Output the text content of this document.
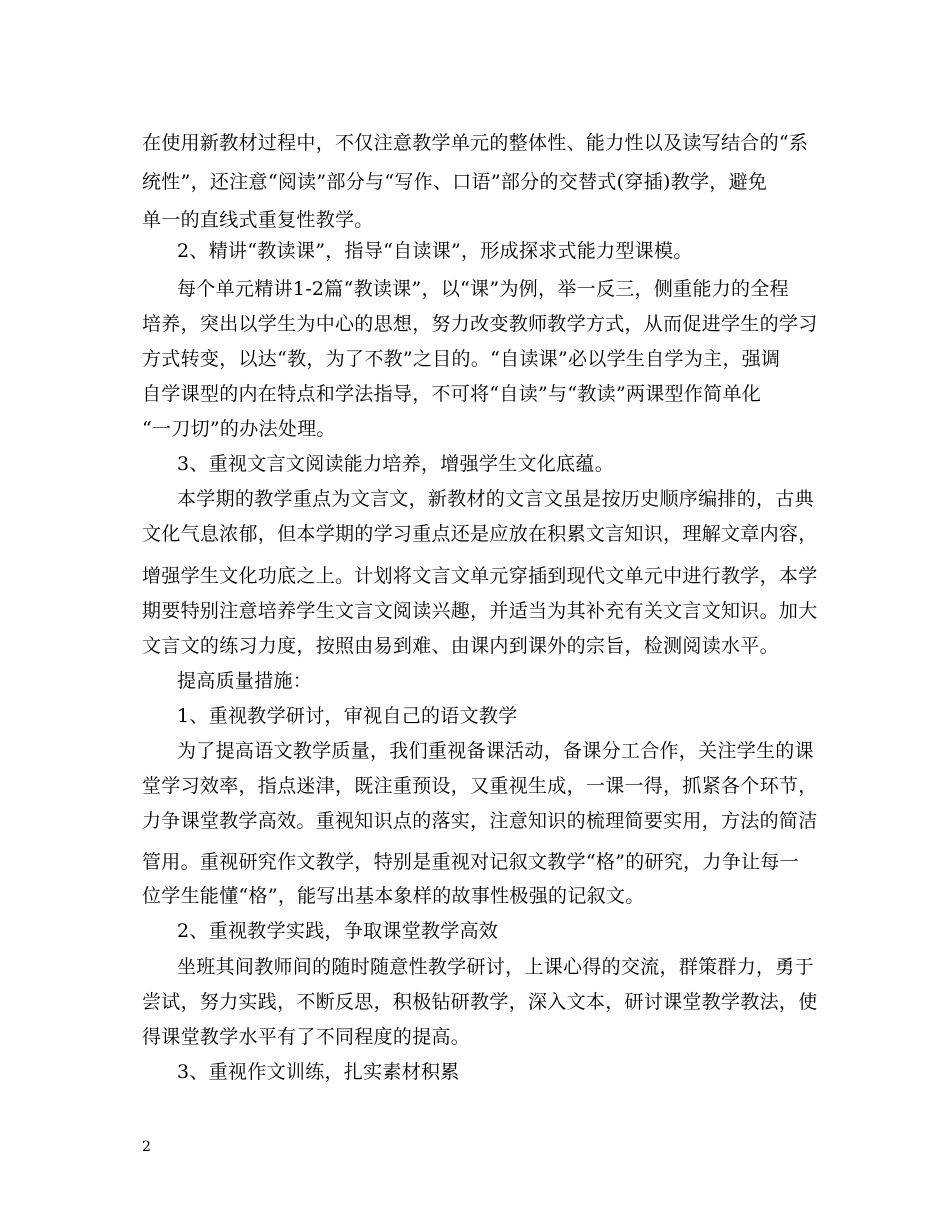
在使用新教材过程中，不仅注意教学单元的整体性、能力性以及读写结合的“系
统性”，还注意“阅读”部分与“写作、口语”部分的交替式(穿插)教学，避免
单一的直线式重复性教学。
2、精讲“教读课”，指导“自读课”，形成探求式能力型课模。
每个单元精讲1-2篇“教读课”，以“课”为例，举一反三，侧重能力的全程
培养，突出以学生为中心的思想，努力改变教师教学方式，从而促进学生的学习
方式转变，以达“教，为了不教”之目的。“自读课”必以学生自学为主，强调
自学课型的内在特点和学法指导，不可将“自读”与“教读”两课型作简单化
“一刀切”的办法处理。
3、重视文言文阅读能力培养，增强学生文化底蕴。
本学期的教学重点为文言文，新教材的文言文虽是按历史顺序编排的，古典
文化气息浓郁，但本学期的学习重点还是应放在积累文言知识，理解文章内容，
增强学生文化功底之上。计划将文言文单元穿插到现代文单元中进行教学，本学
期要特别注意培养学生文言文阅读兴趣，并适当为其补充有关文言文知识。加大
文言文的练习力度，按照由易到难、由课内到课外的宗旨，检测阅读水平。
提高质量措施：
1、重视教学研讨，审视自己的语文教学
为了提高语文教学质量，我们重视备课活动，备课分工合作，关注学生的课
堂学习效率，指点迷津，既注重预设，又重视生成，一课一得，抓紧各个环节，
力争课堂教学高效。重视知识点的落实，注意知识的梳理简要实用，方法的简洁
管用。重视研究作文教学，特别是重视对记叙文教学“格”的研究，力争让每一
位学生能懂“格”，能写出基本象样的故事性极强的记叙文。
2、重视教学实践，争取课堂教学高效
坐班其间教师间的随时随意性教学研讨，上课心得的交流，群策群力，勇于
尝试，努力实践，不断反思，积极钻研教学，深入文本，研讨课堂教学教法，使
得课堂教学水平有了不同程度的提高。
3、重视作文训练，扎实素材积累
2
